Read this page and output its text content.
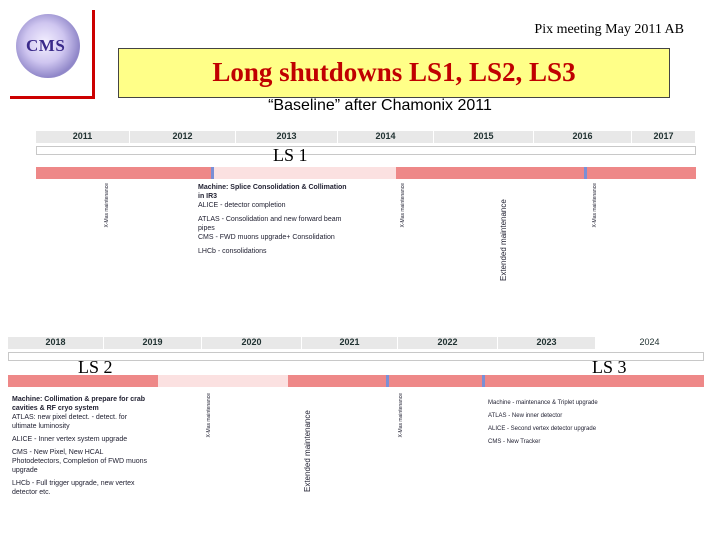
CMS
Pix meeting May 2011 AB
Long shutdowns LS1, LS2, LS3
“Baseline” after Chamonix 2011
2011	2012	2013	2014	2015	2016	2017
LS 1
Extended maintenance
X-Mas maintenance	X-Mas maintenance	X-Mas maintenance
Machine: Splice Consolidation & Collimation in IR3
ALICE - detector completion
ATLAS - Consolidation and new forward beam pipes
CMS - FWD muons upgrade+ Consolidation
LHCb - consolidations
2018	2019	2020	2021	2022	2023	2024
LS 2	LS 3
Extended maintenance
X-Mas maintenance	X-Mas maintenance
Machine: Collimation & prepare for crab cavities & RF cryo system
ATLAS: new pixel detect. - detect. for ultimate luminosity
ALICE - Inner vertex system upgrade
CMS - New Pixel, New HCAL Photodetectors, Completion of FWD muons upgrade
LHCb - Full trigger upgrade, new vertex detector etc.
Machine - maintenance & Triplet upgrade
ATLAS - New inner detector
ALICE - Second vertex detector upgrade
CMS - New Tracker
